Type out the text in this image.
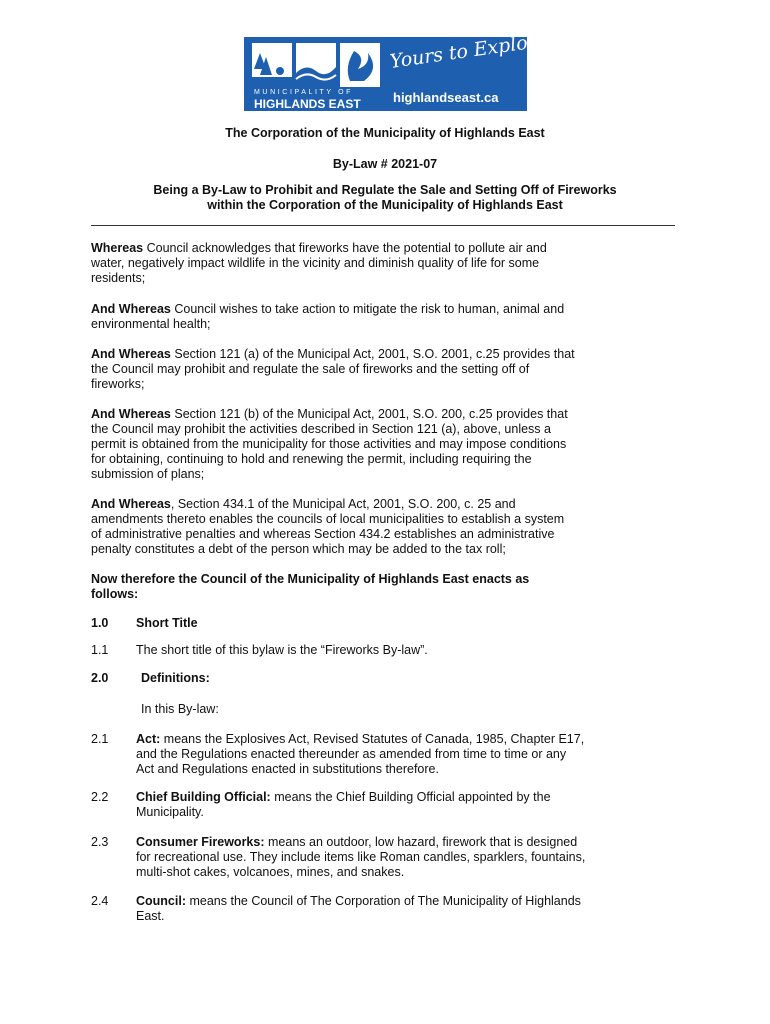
MUNICIPALITY OF
HIGHLANDS EAST
Yours to Explore
highlandseast.ca
The Corporation of the Municipality of Highlands East
By-Law # 2021-07
Being a By-Law to Prohibit and Regulate the Sale and Setting Off of Fireworks
within the Corporation of the Municipality of Highlands East
Whereas Council acknowledges that fireworks have the potential to pollute air and
water, negatively impact wildlife in the vicinity and diminish quality of life for some
residents;
And Whereas Council wishes to take action to mitigate the risk to human, animal and
environmental health;
And Whereas Section 121 (a) of the Municipal Act, 2001, S.O. 2001, c.25 provides that
the Council may prohibit and regulate the sale of fireworks and the setting off of
fireworks;
And Whereas Section 121 (b) of the Municipal Act, 2001, S.O. 200, c.25 provides that
the Council may prohibit the activities described in Section 121 (a), above, unless a
permit is obtained from the municipality for those activities and may impose conditions
for obtaining, continuing to hold and renewing the permit, including requiring the
submission of plans;
And Whereas, Section 434.1 of the Municipal Act, 2001, S.O. 200, c. 25 and
amendments thereto enables the councils of local municipalities to establish a system
of administrative penalties and whereas Section 434.2 establishes an administrative
penalty constitutes a debt of the person which may be added to the tax roll;
Now therefore the Council of the Municipality of Highlands East enacts as
follows:
1.0 Short Title
1.1 The short title of this bylaw is the “Fireworks By-law”.
2.0	Definitions:
In this By-law:
2.1 Act: means the Explosives Act, Revised Statutes of Canada, 1985, Chapter E17,
and the Regulations enacted thereunder as amended from time to time or any
Act and Regulations enacted in substitutions therefore.
2.2 Chief Building Official: means the Chief Building Official appointed by the
Municipality.
2.3 Consumer Fireworks: means an outdoor, low hazard, firework that is designed
for recreational use. They include items like Roman candles, sparklers, fountains,
multi-shot cakes, volcanoes, mines, and snakes.
2.4 Council: means the Council of The Corporation of The Municipality of Highlands
East.
